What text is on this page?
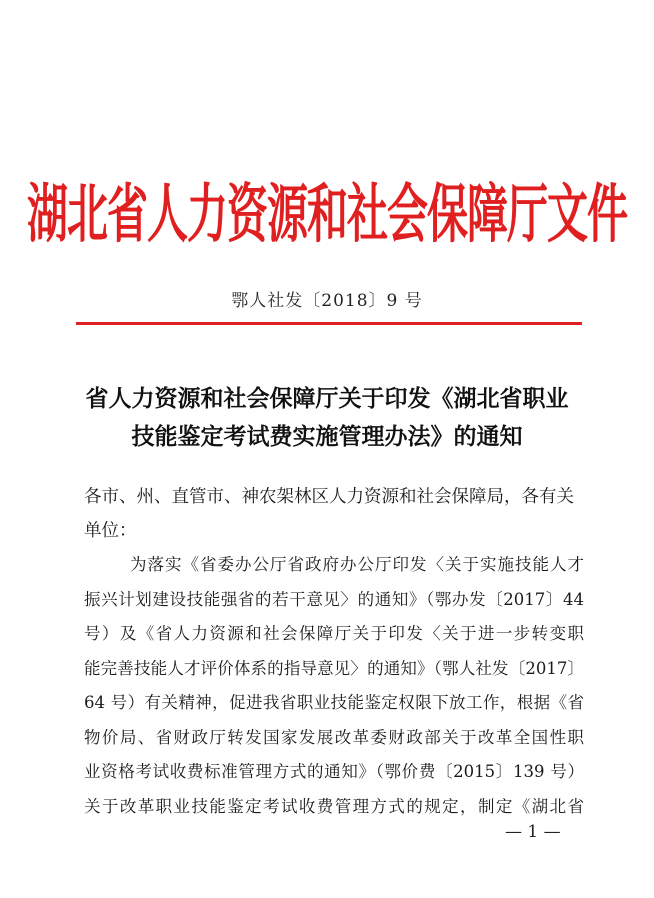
湖北省人力资源和社会保障厅文件
鄂人社发〔2018〕9 号
省人力资源和社会保障厅关于印发《湖北省职业
技能鉴定考试费实施管理办法》的通知
各市、州、直管市、神农架林区人力资源和社会保障局，各有关
单位：
为落实《省委办公厅省政府办公厅印发〈关于实施技能人才
振兴计划建设技能强省的若干意见〉的通知》（鄂办发〔2017〕44
号）及《省人力资源和社会保障厅关于印发〈关于进一步转变职
能完善技能人才评价体系的指导意见〉的通知》（鄂人社发〔2017〕
64 号）有关精神，促进我省职业技能鉴定权限下放工作，根据《省
物价局、省财政厅转发国家发展改革委财政部关于改革全国性职
业资格考试收费标准管理方式的通知》（鄂价费〔2015〕139 号）
关于改革职业技能鉴定考试收费管理方式的规定，制定《湖北省
— 1 —
